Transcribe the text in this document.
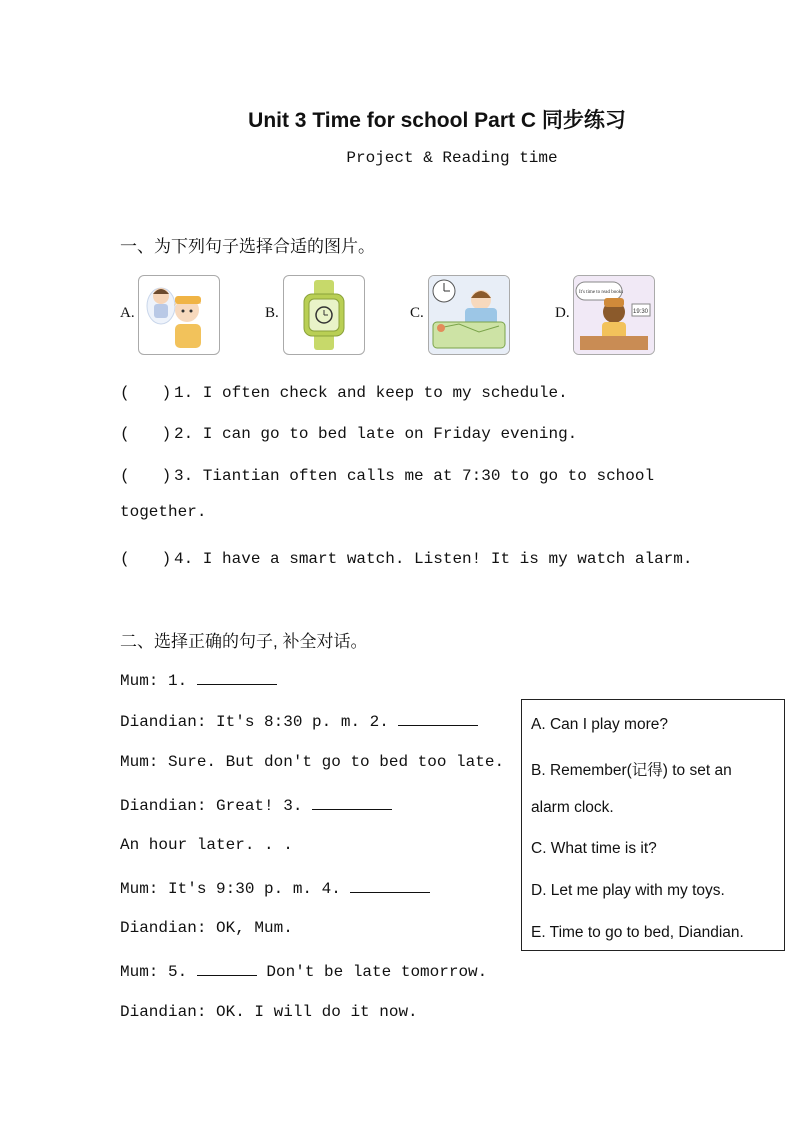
Unit 3 Time for school Part C 同步练习
Project & Reading time
一、为下列句子选择合适的图片。
A.	B.	C.	D.
It's time to read books
19:30
(　　) 1. I often check and keep to my schedule.
(　　) 2. I can go to bed late on Friday evening.
(　　) 3. Tiantian often calls me at 7:30 to go to school
together.
(　　) 4. I have a smart watch. Listen! It is my watch alarm.
二、选择正确的句子, 补全对话。
Mum: 1.
Diandian: It's 8:30 p. m. 2.
Mum: Sure. But don't go to bed too late.
Diandian: Great! 3.
An hour later. . .
Mum: It's 9:30 p. m. 4.
Diandian: OK, Mum.
Mum: 5.	Don't be late tomorrow.
Diandian: OK. I will do it now.
A. Can I play more?
B. Remember(记得) to set an
alarm clock.
C. What time is it?
D. Let me play with my toys.
E. Time to go to bed, Diandian.
